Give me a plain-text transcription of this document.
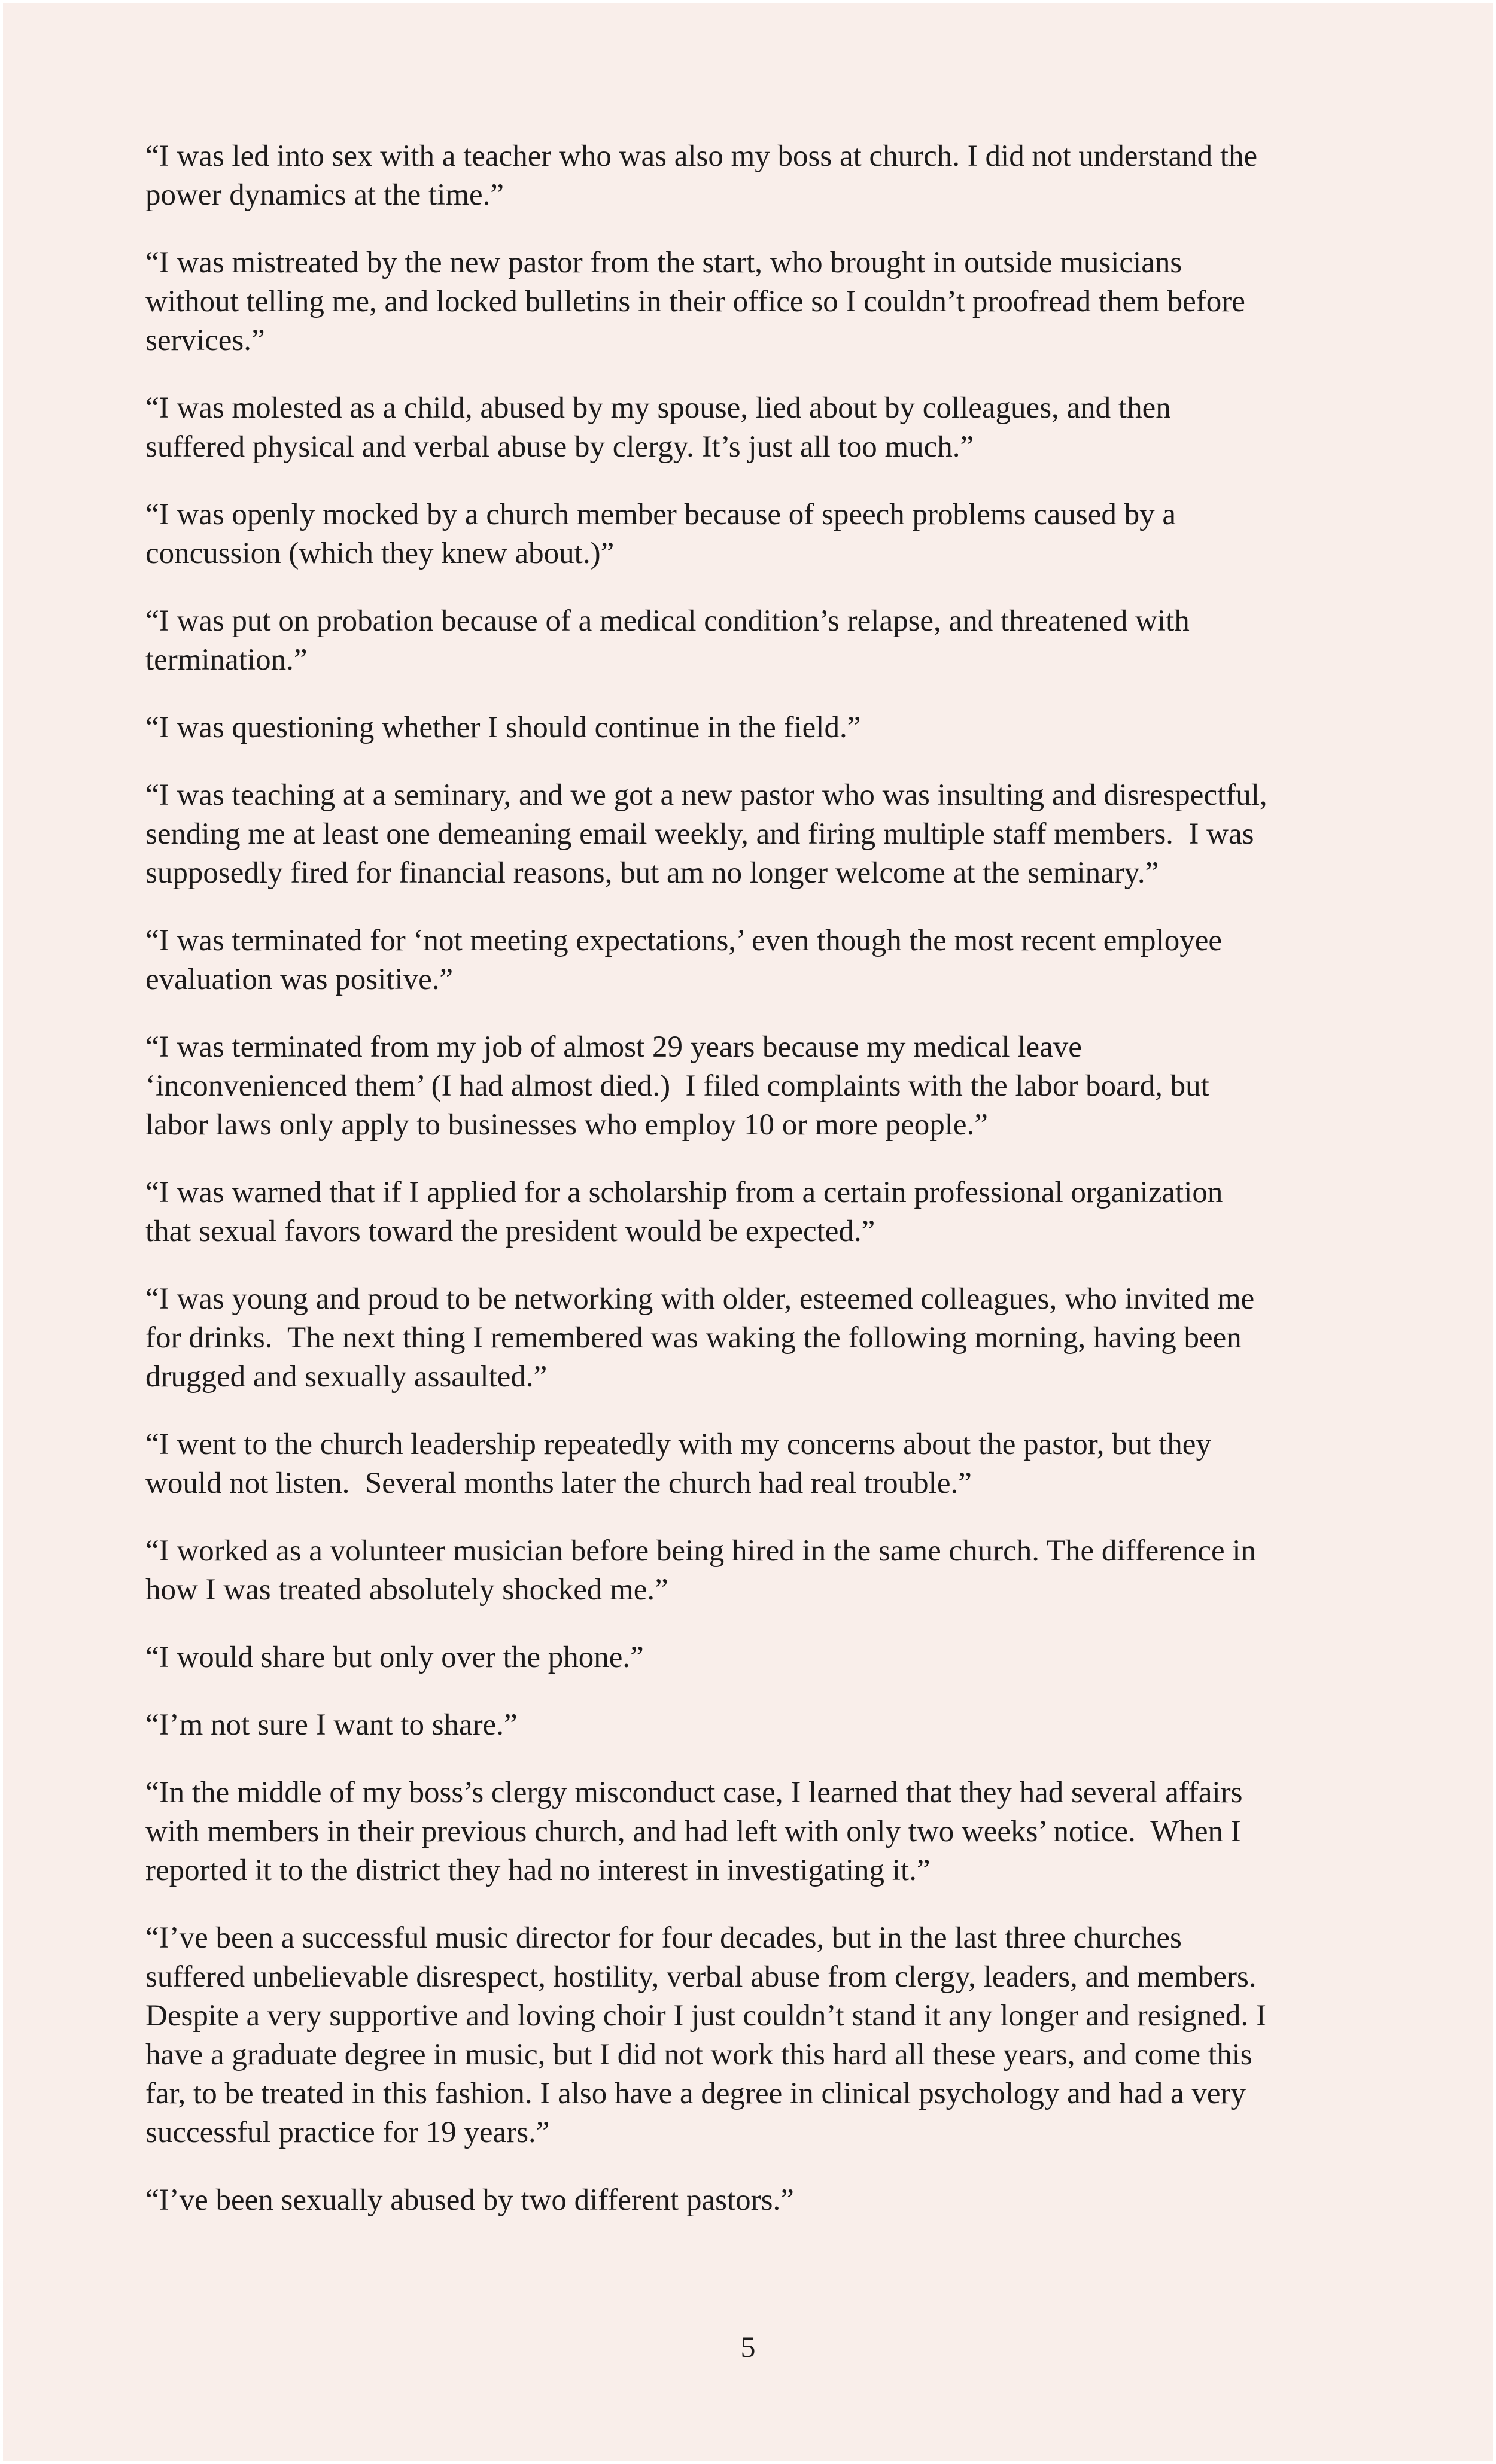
“I was led into sex with a teacher who was also my boss at church. I did not understand the
power dynamics at the time.”

“I was mistreated by the new pastor from the start, who brought in outside musicians
without telling me, and locked bulletins in their office so I couldn’t proofread them before
services.”

“I was molested as a child, abused by my spouse, lied about by colleagues, and then
suffered physical and verbal abuse by clergy. It’s just all too much.”

“I was openly mocked by a church member because of speech problems caused by a
concussion (which they knew about.)”

“I was put on probation because of a medical condition’s relapse, and threatened with
termination.”

“I was questioning whether I should continue in the field.”

“I was teaching at a seminary, and we got a new pastor who was insulting and disrespectful,
sending me at least one demeaning email weekly, and firing multiple staff members.  I was
supposedly fired for financial reasons, but am no longer welcome at the seminary.”

“I was terminated for ‘not meeting expectations,’ even though the most recent employee
evaluation was positive.”

“I was terminated from my job of almost 29 years because my medical leave
‘inconvenienced them’ (I had almost died.)  I filed complaints with the labor board, but
labor laws only apply to businesses who employ 10 or more people.”

“I was warned that if I applied for a scholarship from a certain professional organization
that sexual favors toward the president would be expected.”

“I was young and proud to be networking with older, esteemed colleagues, who invited me
for drinks.  The next thing I remembered was waking the following morning, having been
drugged and sexually assaulted.”

“I went to the church leadership repeatedly with my concerns about the pastor, but they
would not listen.  Several months later the church had real trouble.”

“I worked as a volunteer musician before being hired in the same church. The difference in
how I was treated absolutely shocked me.”

“I would share but only over the phone.”

“I’m not sure I want to share.”

“In the middle of my boss’s clergy misconduct case, I learned that they had several affairs
with members in their previous church, and had left with only two weeks’ notice.  When I
reported it to the district they had no interest in investigating it.”

“I’ve been a successful music director for four decades, but in the last three churches
suffered unbelievable disrespect, hostility, verbal abuse from clergy, leaders, and members.
Despite a very supportive and loving choir I just couldn’t stand it any longer and resigned. I
have a graduate degree in music, but I did not work this hard all these years, and come this
far, to be treated in this fashion. I also have a degree in clinical psychology and had a very
successful practice for 19 years.”

“I’ve been sexually abused by two different pastors.”

5
